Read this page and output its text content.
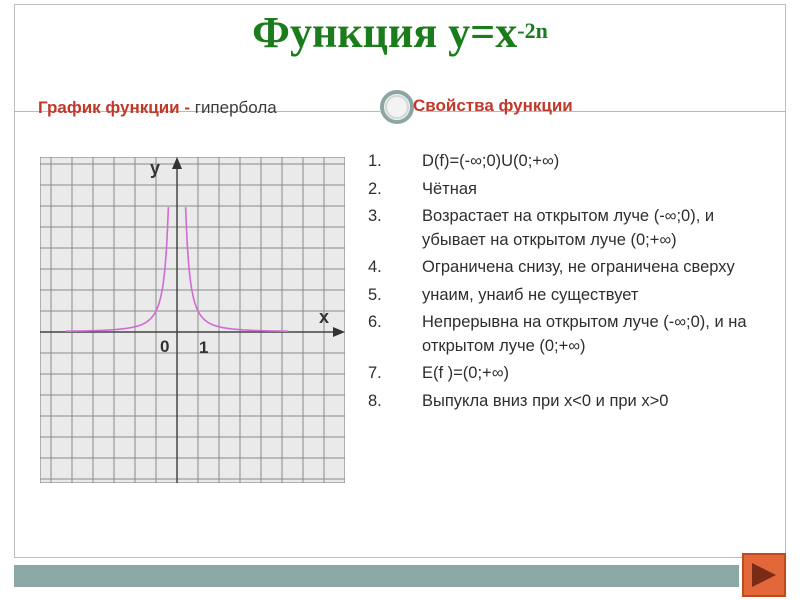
Функция $y=x^{-2n}$
График функции - гипербола	Свойства функции
y
x
0 1
1. D(f)=(-∞;0)U(0;+∞)
2. Чётная
3. Возрастает на открытом луче (-∞;0), и убывает на открытом луче (0;+∞)
4. Ограничена снизу, не ограничена сверху
5. унаим, унаиб не существует
6. Непрерывна на открытом луче (-∞;0), и на открытом луче (0;+∞)
7. E(f )=(0;+∞)
8. Выпукла вниз при x<0 и при x>0
